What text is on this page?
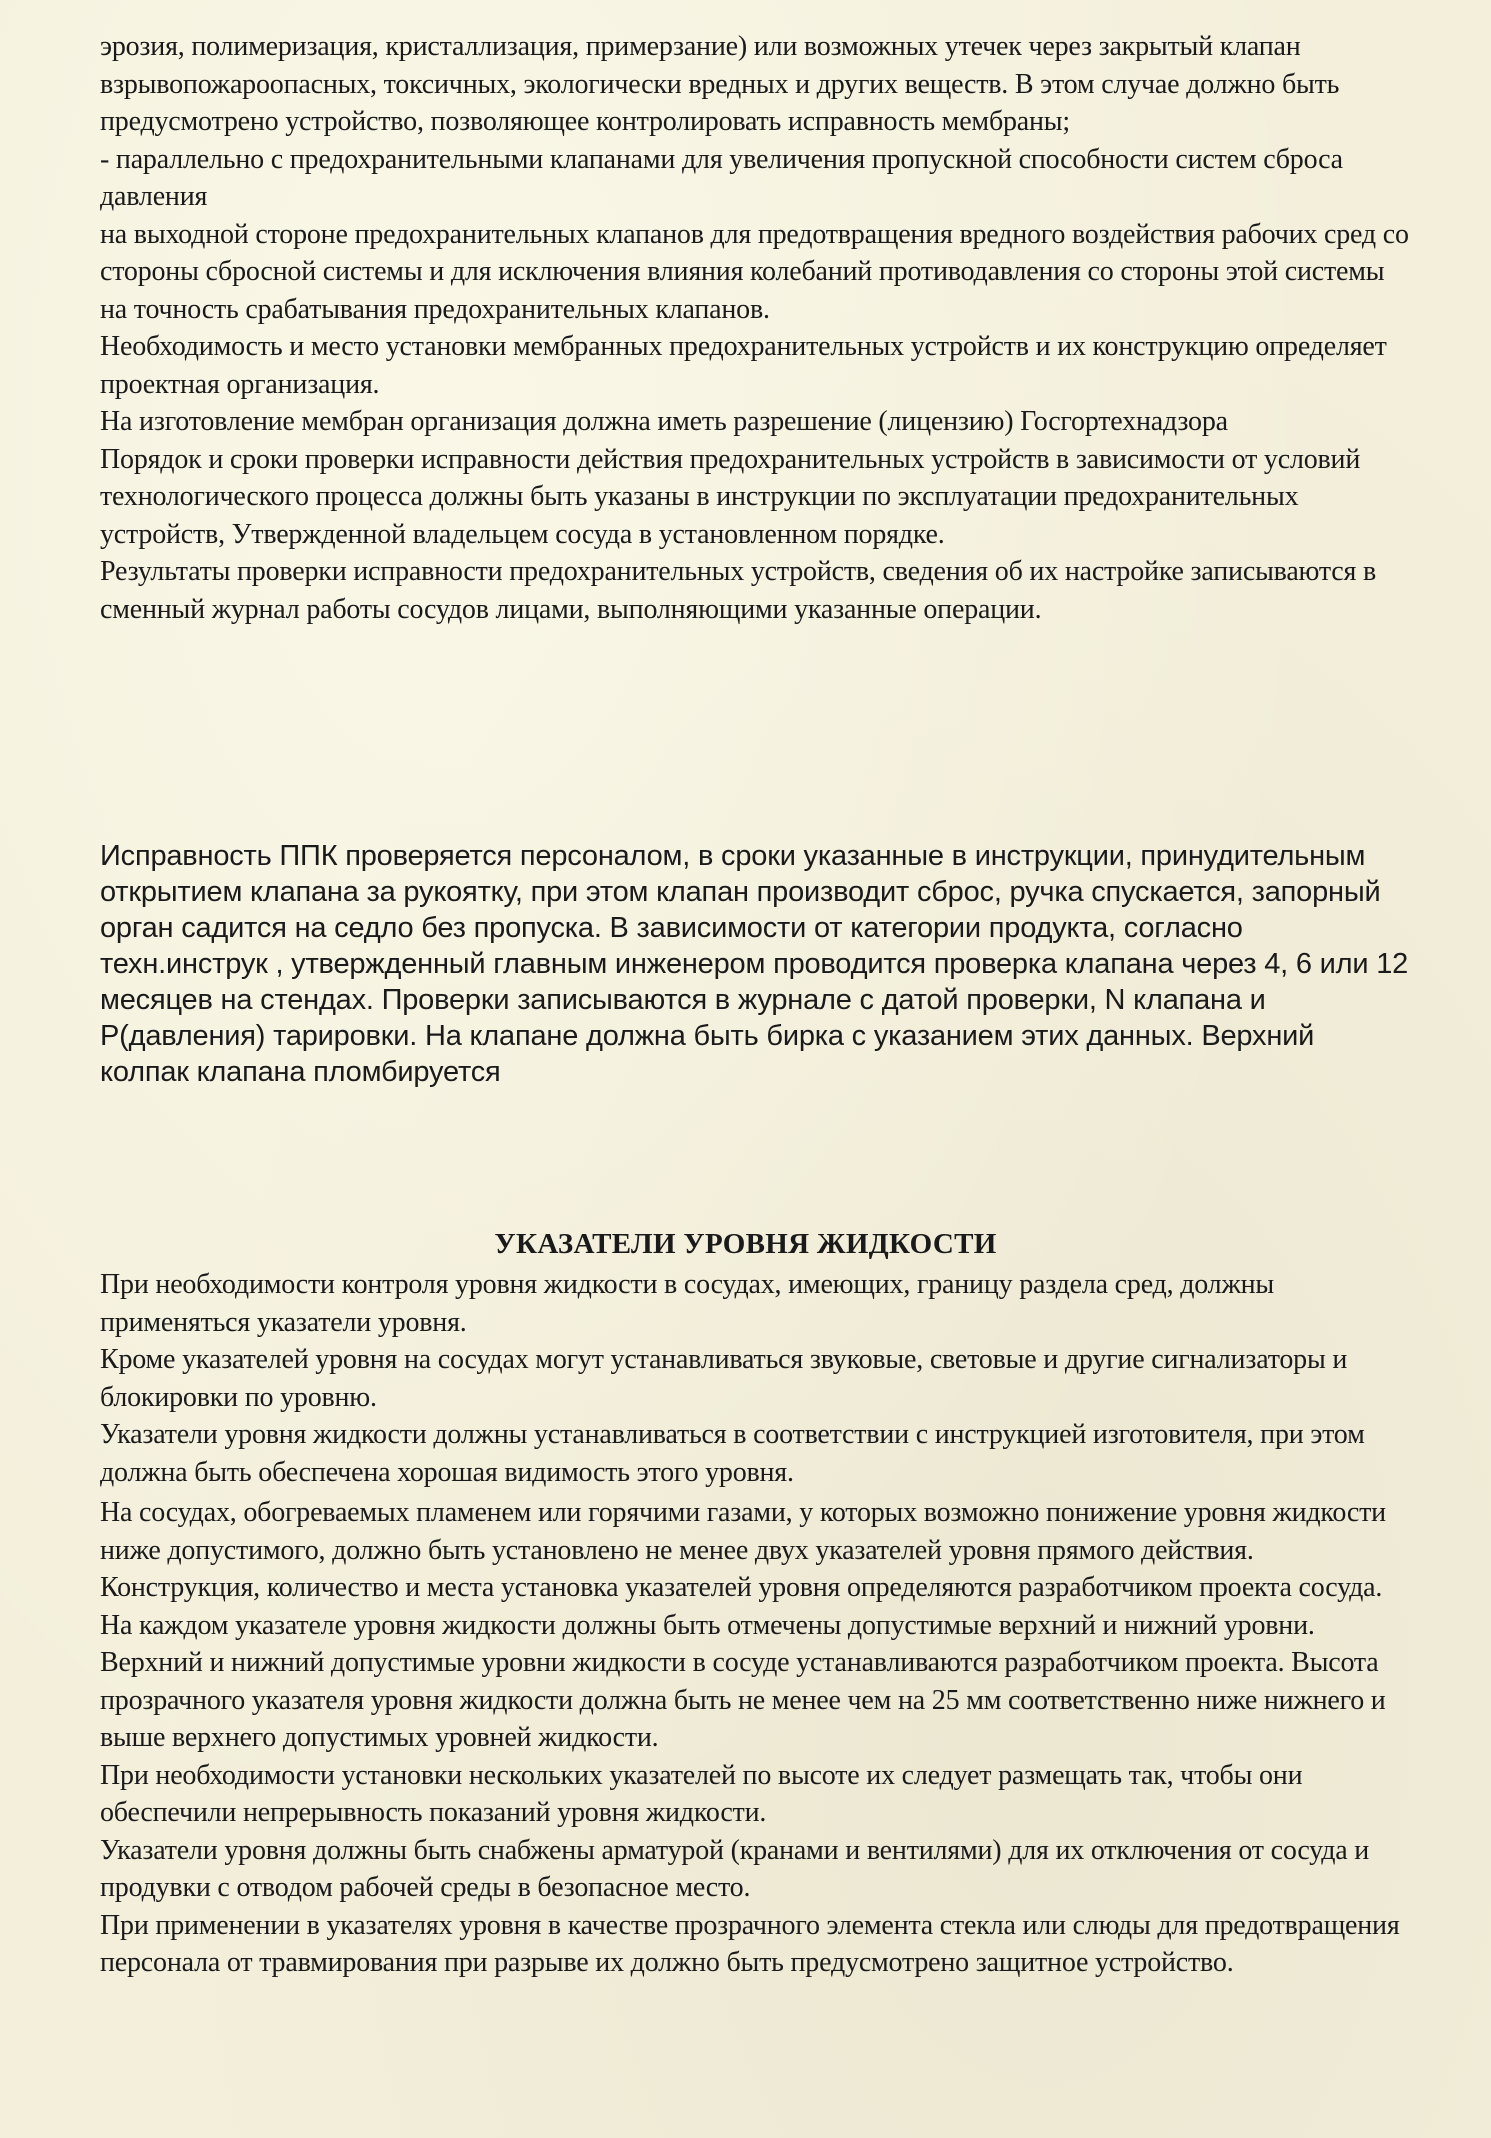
эрозия, полимеризация, кристаллизация, примерзание) или возможных утечек через закрытый клапан взрывопожароопасных, токсичных, экологически вредных и других веществ. В этом случае должно быть предусмотрено устройство, позволяющее контролировать исправность мембраны;

- параллельно с предохранительными клапанами для увеличения пропускной способности систем сброса давления

на выходной стороне предохранительных клапанов для предотвращения вредного воздействия рабочих сред со стороны сбросной системы и для исключения влияния колебаний противодавления со стороны этой системы на точность срабатывания предохранительных клапанов.

Необходимость и место установки мембранных предохранительных устройств и их конструкцию определяет проектная организация.

На изготовление мембран организация должна иметь разрешение (лицензию) Госгортехнадзора

Порядок и сроки проверки исправности действия предохранительных устройств в зависимости от условий технологического процесса должны быть указаны в инструкции по эксплуатации предохранительных устройств, Утвержденной владельцем сосуда в установленном порядке.

Результаты проверки исправности предохранительных устройств, сведения об их настройке записываются в сменный журнал работы сосудов лицами, выполняющими указанные операции.

Исправность ППК проверяется персоналом, в сроки указанные в инструкции, принудительным открытием клапана за рукоятку, при этом клапан производит сброс, ручка спускается, запорный орган садится на седло без пропуска. В зависимости от категории продукта, согласно техн.инструк , утвержденный главным инженером проводится проверка клапана через 4, 6 или 12 месяцев на стендах. Проверки записываются в журнале с датой проверки, N клапана и Р(давления) тарировки. На клапане должна быть бирка с указанием этих данных. Верхний колпак клапана пломбируется

УКАЗАТЕЛИ УРОВНЯ ЖИДКОСТИ

При необходимости контроля уровня жидкости в сосудах, имеющих, границу раздела сред, должны применяться указатели уровня.

Кроме указателей уровня на сосудах могут устанавливаться звуковые, световые и другие сигнализаторы и блокировки по уровню.

Указатели уровня жидкости должны устанавливаться в соответствии с инструкцией изготовителя, при этом должна быть обеспечена хорошая видимость этого уровня.

На сосудах, обогреваемых пламенем или горячими газами, у которых возможно понижение уровня жидкости ниже допустимого, должно быть установлено не менее двух указателей уровня прямого действия.

Конструкция, количество и места установка указателей уровня определяются разработчиком проекта сосуда.

На каждом указателе уровня жидкости должны быть отмечены допустимые верхний и нижний уровни.

Верхний и нижний допустимые уровни жидкости в сосуде устанавливаются разработчиком проекта. Высота прозрачного указателя уровня жидкости должна быть не менее чем на 25 мм соответственно ниже нижнего и выше верхнего допустимых уровней жидкости.

При необходимости установки нескольких указателей по высоте их следует размещать так, чтобы они обеспечили непрерывность показаний уровня жидкости.

Указатели уровня должны быть снабжены арматурой (кранами и вентилями) для их отключения от сосуда и продувки с отводом рабочей среды в безопасное место.

При применении в указателях уровня в качестве прозрачного элемента стекла или слюды для предотвращения персонала от травмирования при разрыве их должно быть предусмотрено защитное устройство.
